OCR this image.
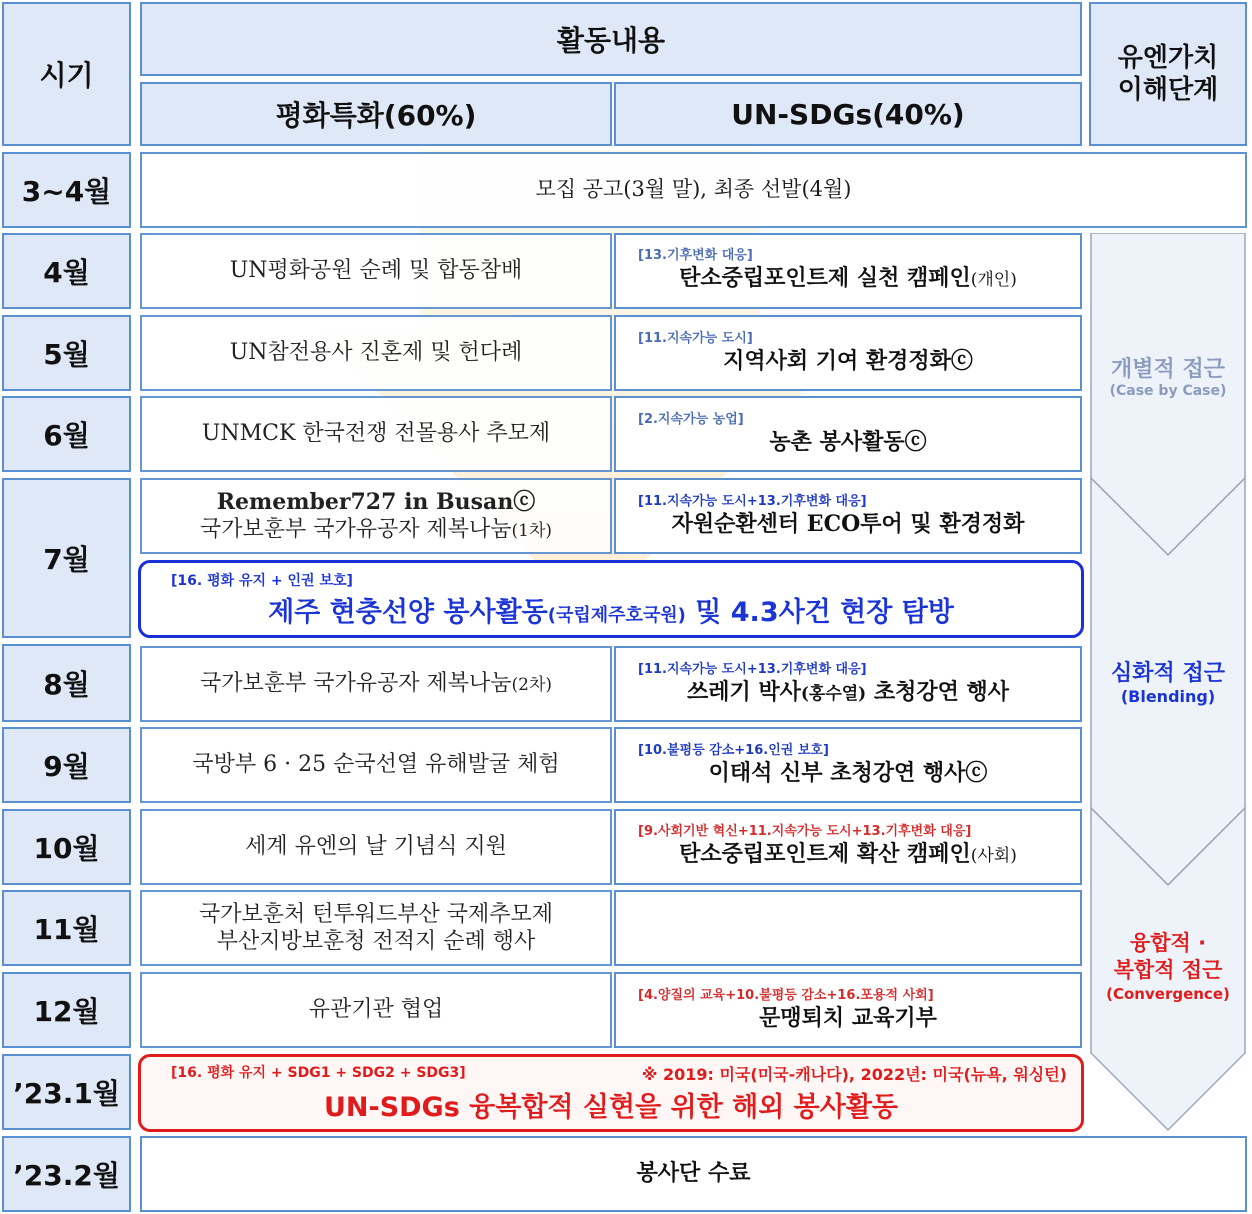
시기
활동내용
평화특화(60%)	UN-SDGs(40%)
유엔가치
이해단계
3~4월
4월
5월
6월
7월
8월
9월
10월
11월
12월
’23.1월
’23.2월
모집 공고(3월 말), 최종 선발(4월)
UN평화공원 순례 및 합동참배
[13.기후변화 대응]
탄소중립포인트제 실천 캠페인(개인)
UN참전용사 진혼제 및 헌다례
[11.지속가능 도시]
지역사회 기여 환경정화ⓒ
UNMCK 한국전쟁 전몰용사 추모제
[2.지속가능 농업]
농촌 봉사활동ⓒ
Remember727 in Busanⓒ
국가보훈부 국가유공자 제복나눔(1차)
[11.지속가능 도시+13.기후변화 대응]
자원순환센터 ECO투어 및 환경정화
[16. 평화 유지 + 인권 보호]
제주 현충선양 봉사활동(국립제주호국원) 및 4.3사건 현장 탐방
국가보훈부 국가유공자 제복나눔(2차)
[11.지속가능 도시+13.기후변화 대응]
쓰레기 박사(홍수열) 초청강연 행사
국방부 6 · 25 순국선열 유해발굴 체험
[10.불평등 감소+16.인권 보호]
이태석 신부 초청강연 행사ⓒ
세계 유엔의 날 기념식 지원
[9.사회기반 혁신+11.지속가능 도시+13.기후변화 대응]
탄소중립포인트제 확산 캠페인(사회)
국가보훈처 턴투워드부산 국제추모제
부산지방보훈청 전적지 순례 행사
유관기관 협업
[4.양질의 교육+10.불평등 감소+16.포용적 사회]
문맹퇴치 교육기부
[16. 평화 유지 + SDG1 + SDG2 + SDG3]	※ 2019: 미국(미국-캐나다), 2022년: 미국(뉴욕, 워싱턴)
UN-SDGs 융복합적 실현을 위한 해외 봉사활동
봉사단 수료
개별적 접근
(Case by Case)
심화적 접근
(Blending)
융합적 ·
복합적 접근
(Convergence)
